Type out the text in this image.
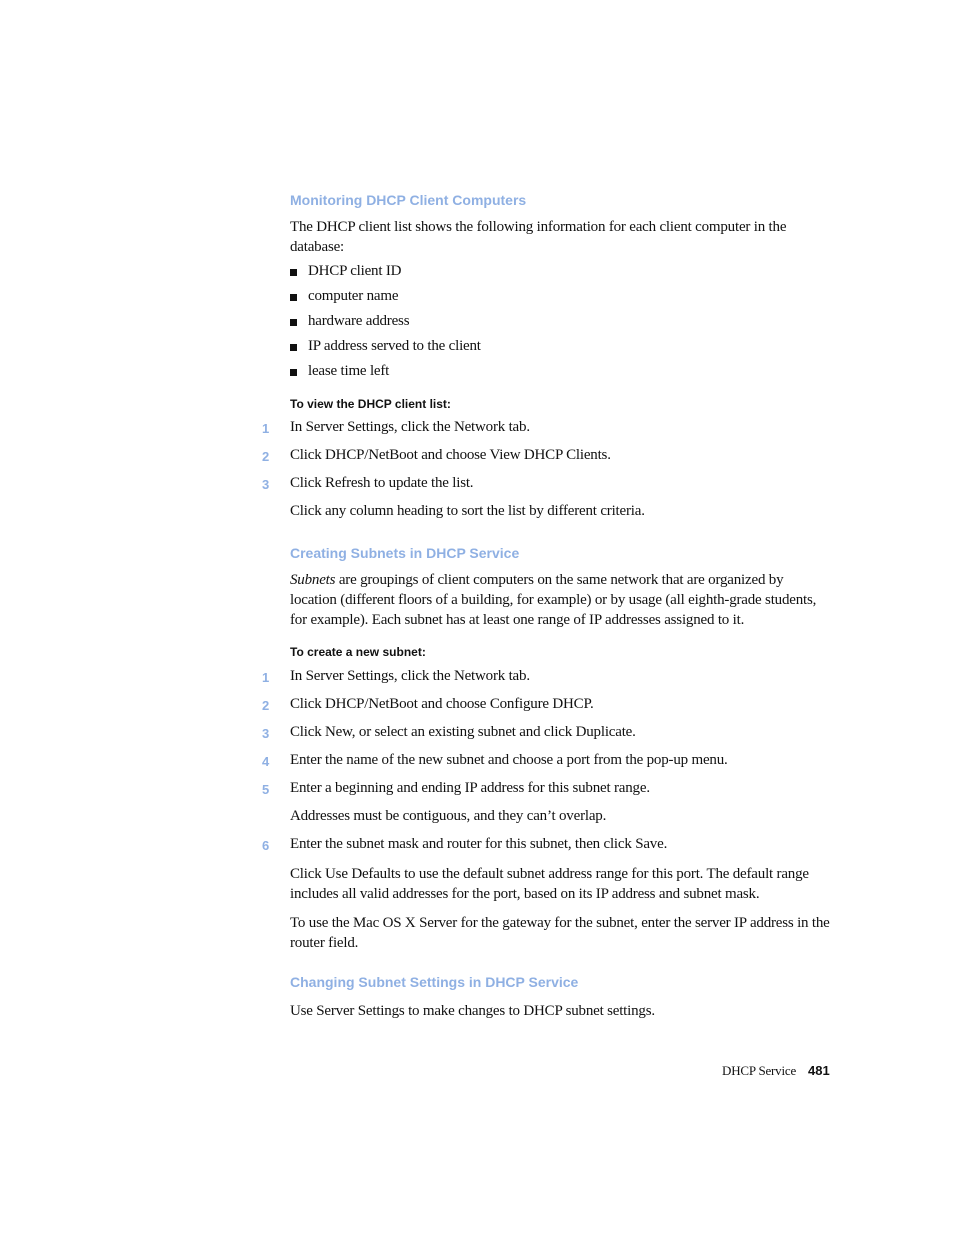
Monitoring DHCP Client Computers
The DHCP client list shows the following information for each client computer in the database:
DHCP client ID
computer name
hardware address
IP address served to the client
lease time left
To view the DHCP client list:
1	In Server Settings, click the Network tab.
2	Click DHCP/NetBoot and choose View DHCP Clients.
3	Click Refresh to update the list.
Click any column heading to sort the list by different criteria.
Creating Subnets in DHCP Service
Subnets are groupings of client computers on the same network that are organized by location (different floors of a building, for example) or by usage (all eighth-grade students, for example). Each subnet has at least one range of IP addresses assigned to it.
To create a new subnet:
1	In Server Settings, click the Network tab.
2	Click DHCP/NetBoot and choose Configure DHCP.
3	Click New, or select an existing subnet and click Duplicate.
4	Enter the name of the new subnet and choose a port from the pop-up menu.
5	Enter a beginning and ending IP address for this subnet range.
Addresses must be contiguous, and they can’t overlap.
6	Enter the subnet mask and router for this subnet, then click Save.
Click Use Defaults to use the default subnet address range for this port. The default range includes all valid addresses for the port, based on its IP address and subnet mask.
To use the Mac OS X Server for the gateway for the subnet, enter the server IP address in the router field.
Changing Subnet Settings in DHCP Service
Use Server Settings to make changes to DHCP subnet settings.
DHCP Service 481
